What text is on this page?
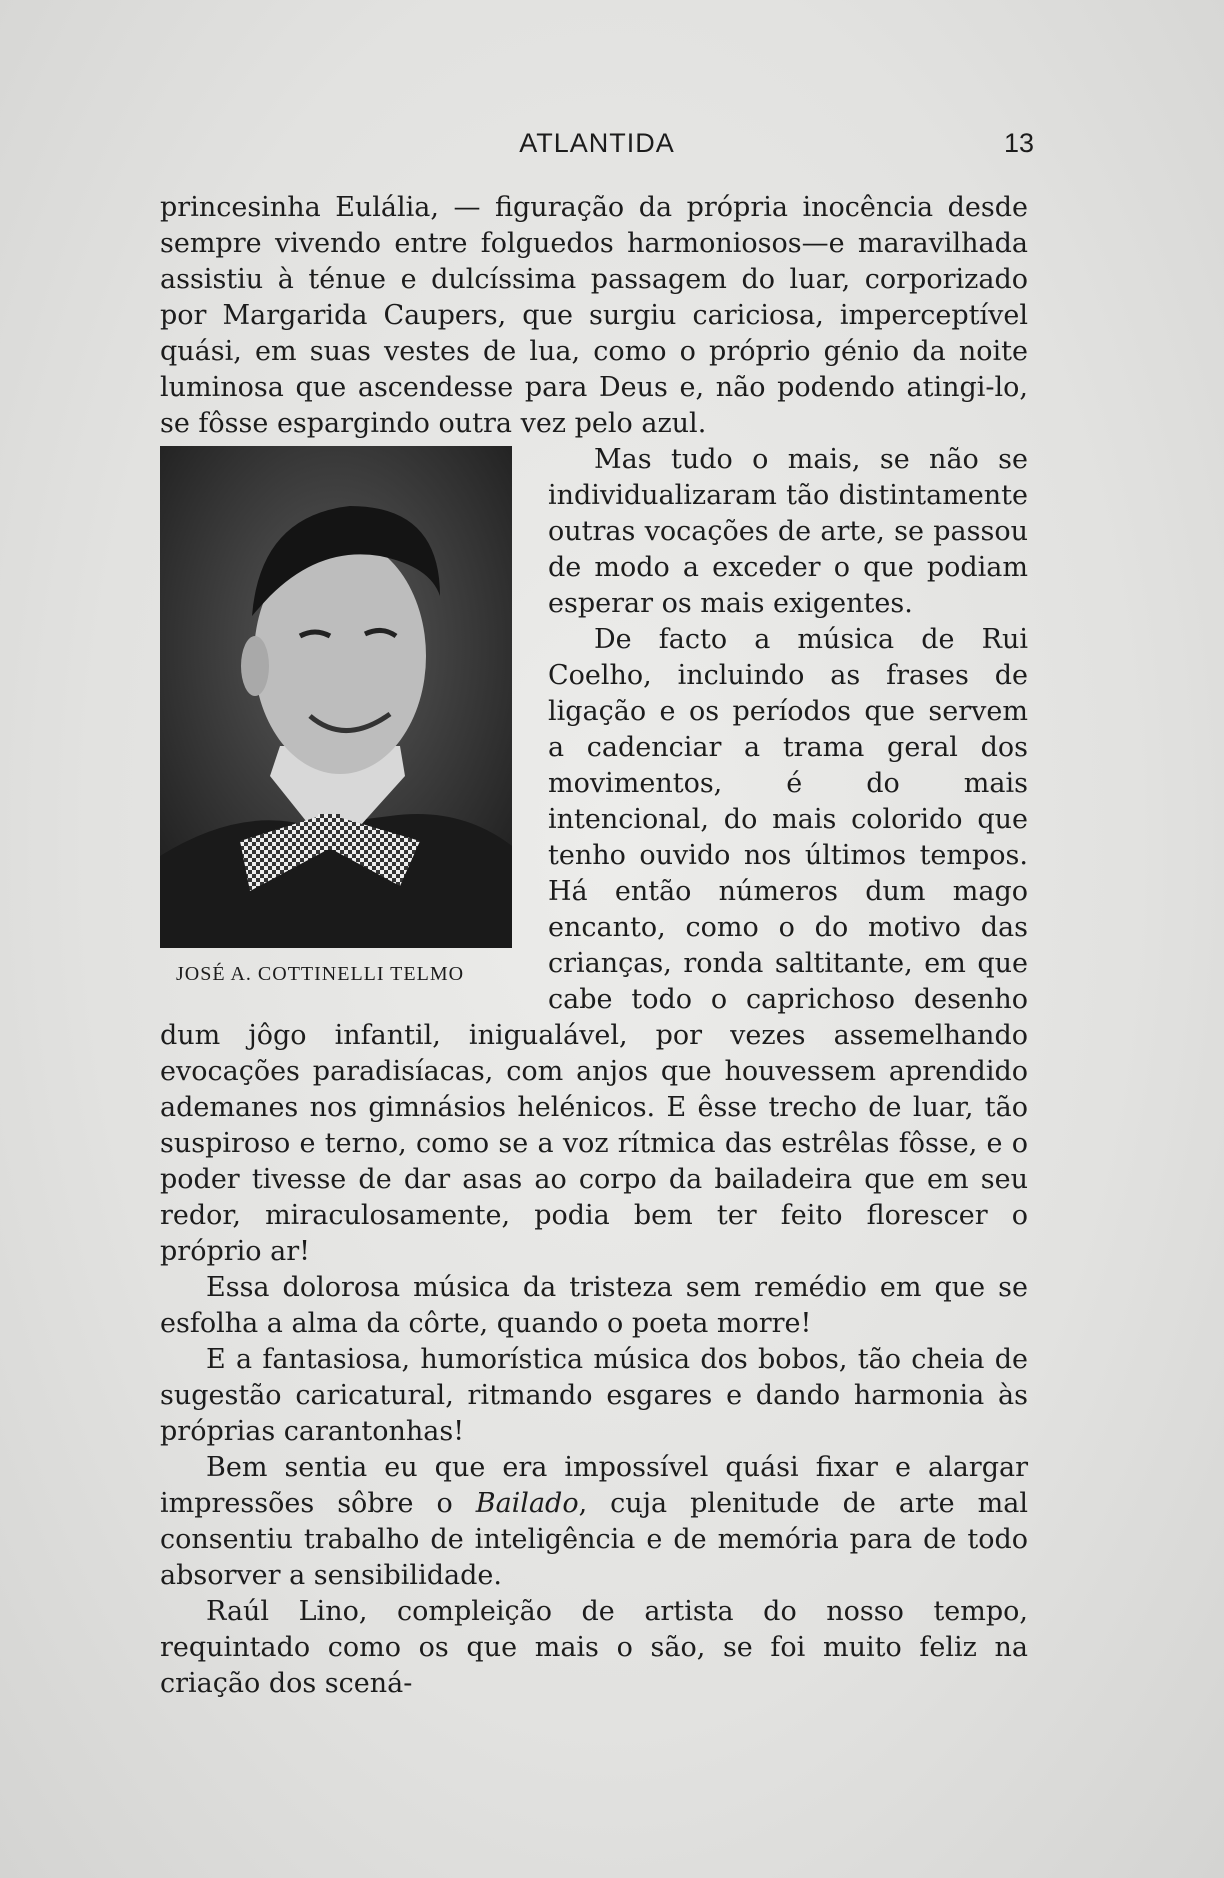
ATLANTIDA	13

princesinha Eulália, — figuração da própria inocência desde sempre vivendo entre folguedos harmoniosos—e maravilhada assistiu à ténue e dulcíssima passagem do luar, corporizado por Margarida Caupers, que surgiu cariciosa, imperceptível quási, em suas vestes de lua, como o próprio génio da noite luminosa que ascendesse para Deus e, não podendo atingi-lo, se fôsse espargindo outra vez pelo azul.

JOSÉ A. COTTINELLI TELMO

Mas tudo o mais, se não se individualizaram tão distintamente outras vocações de arte, se passou de modo a exceder o que podiam esperar os mais exigentes.

De facto a música de Rui Coelho, incluindo as frases de ligação e os períodos que servem a cadenciar a trama geral dos movimentos, é do mais intencional, do mais colorido que tenho ouvido nos últimos tempos. Há então números dum mago encanto, como o do motivo das crianças, ronda saltitante, em que cabe todo o caprichoso desenho dum jôgo infantil, inigualável, por vezes assemelhando evocações paradisíacas, com anjos que houvessem aprendido ademanes nos gimnásios helénicos. E êsse trecho de luar, tão suspiroso e terno, como se a voz rítmica das estrêlas fôsse, e o poder tivesse de dar asas ao corpo da bailadeira que em seu redor, miraculosamente, podia bem ter feito florescer o próprio ar!

Essa dolorosa música da tristeza sem remédio em que se esfolha a alma da côrte, quando o poeta morre!

E a fantasiosa, humorística música dos bobos, tão cheia de sugestão caricatural, ritmando esgares e dando harmonia às próprias carantonhas!

Bem sentia eu que era impossível quási fixar e alargar impressões sôbre o Bailado, cuja plenitude de arte mal consentiu trabalho de inteligência e de memória para de todo absorver a sensibilidade.

Raúl Lino, compleição de artista do nosso tempo, requintado como os que mais o são, se foi muito feliz na criação dos scená-
